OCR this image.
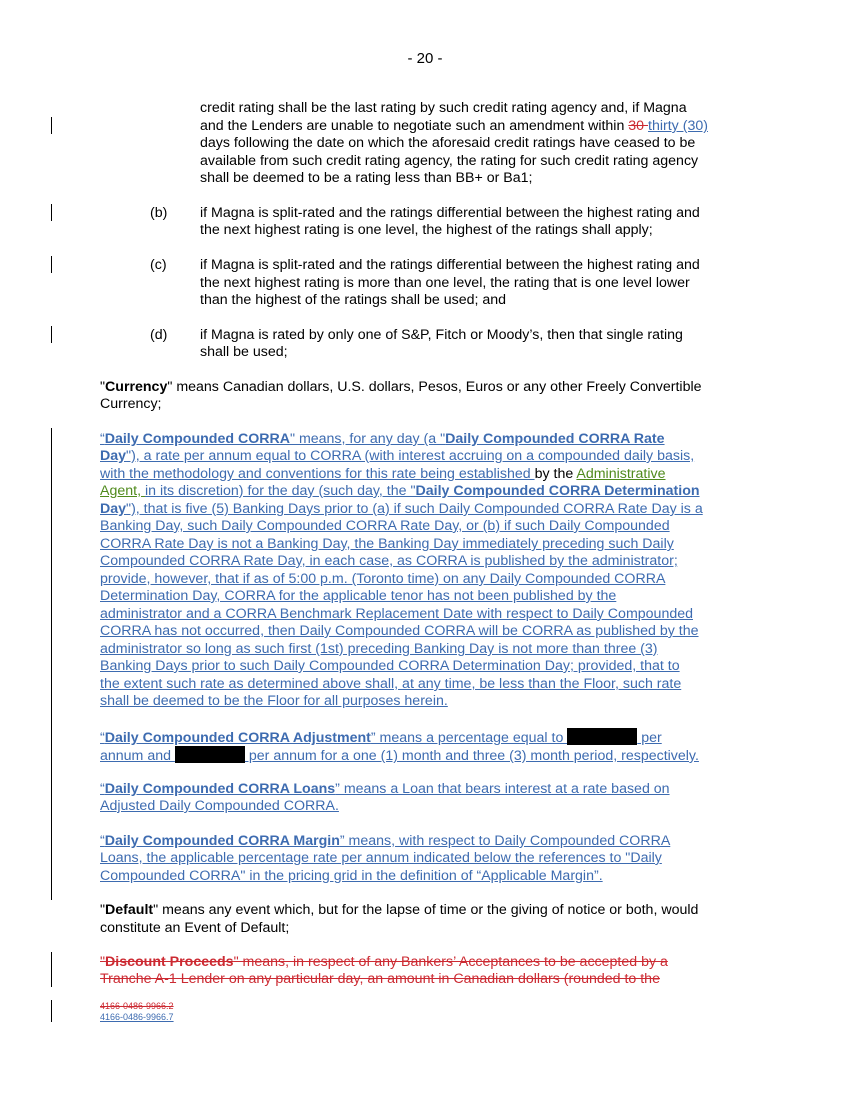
- 20 -

credit rating shall be the last rating by such credit rating agency and, if Magna

and the Lenders are unable to negotiate such an amendment within 30 thirty (30)

days following the date on which the aforesaid credit ratings have ceased to be

available from such credit rating agency, the rating for such credit rating agency

shall be deemed to be a rating less than BB+ or Ba1;

(b) if Magna is split-rated and the ratings differential between the highest rating and

the next highest rating is one level, the highest of the ratings shall apply;

(c) if Magna is split-rated and the ratings differential between the highest rating and

the next highest rating is more than one level, the rating that is one level lower

than the highest of the ratings shall be used; and

(d) if Magna is rated by only one of S&P, Fitch or Moody’s, then that single rating

shall be used;

"Currency" means Canadian dollars, U.S. dollars, Pesos, Euros or any other Freely Convertible

Currency;

“Daily Compounded CORRA" means, for any day (a "Daily Compounded CORRA Rate

Day"), a rate per annum equal to CORRA (with interest accruing on a compounded daily basis,

with the methodology and conventions for this rate being established by the Administrative

Agent, in its discretion) for the day (such day, the "Daily Compounded CORRA Determination

Day"), that is five (5) Banking Days prior to (a) if such Daily Compounded CORRA Rate Day is a

Banking Day, such Daily Compounded CORRA Rate Day, or (b) if such Daily Compounded

CORRA Rate Day is not a Banking Day, the Banking Day immediately preceding such Daily

Compounded CORRA Rate Day, in each case, as CORRA is published by the administrator;

provide, however, that if as of 5:00 p.m. (Toronto time) on any Daily Compounded CORRA

Determination Day, CORRA for the applicable tenor has not been published by the

administrator and a CORRA Benchmark Replacement Date with respect to Daily Compounded

CORRA has not occurred, then Daily Compounded CORRA will be CORRA as published by the

administrator so long as such first (1st) preceding Banking Day is not more than three (3)

Banking Days prior to such Daily Compounded CORRA Determination Day; provided, that to

the extent such rate as determined above shall, at any time, be less than the Floor, such rate

shall be deemed to be the Floor for all purposes herein.

“Daily Compounded CORRA Adjustment” means a percentage equal to	per

annum and	per annum for a one (1) month and three (3) month period, respectively.

“Daily Compounded CORRA Loans” means a Loan that bears interest at a rate based on

Adjusted Daily Compounded CORRA.

“Daily Compounded CORRA Margin” means, with respect to Daily Compounded CORRA

Loans, the applicable percentage rate per annum indicated below the references to "Daily

Compounded CORRA" in the pricing grid in the definition of “Applicable Margin”.

"Default" means any event which, but for the lapse of time or the giving of notice or both, would

constitute an Event of Default;

"Discount Proceeds" means, in respect of any Bankers’ Acceptances to be accepted by a

Tranche A-1 Lender on any particular day, an amount in Canadian dollars (rounded to the

4166-0486-9966.2

4166-0486-9966.7
